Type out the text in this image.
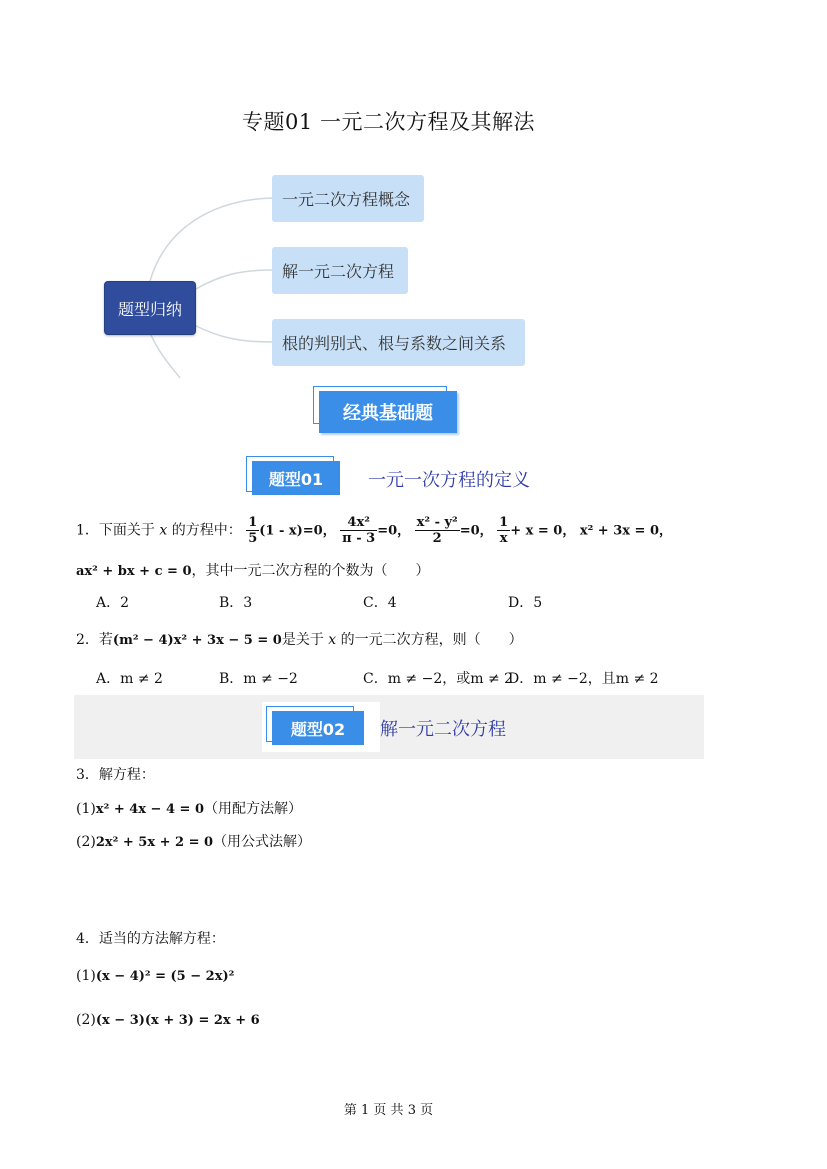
专题01 一元二次方程及其解法
题型归纳
一元二次方程概念
解一元二次方程
根的判别式、根与系数之间关系
经典基础题
题型01	一元一次方程的定义
1．下面关于 x 的方程中： $\frac{1}{5} (1 - x)=0$， $\frac{\text{4x²}}{\pi - 3} =0$， $\frac{\text{x² - y²}}{2} =0$， $\frac{1}{x} + x = 0$， x² + 3x = 0，
ax² + bx + c = 0，其中一元二次方程的个数为（　　）
A．2	B．3	C．4	D．5
2．若(m² − 4)x² + 3x − 5 = 0是关于 x 的一元二次方程，则（　　）
A．m ≠ 2	B．m ≠ −2	C．m ≠ −2，或m ≠ 2
D．m ≠ −2，且m ≠ 2
题型02	解一元二次方程
3．解方程：
(1)x² + 4x − 4 = 0（用配方法解）
(2)2x² + 5x + 2 = 0（用公式法解）
4．适当的方法解方程：
(1)(x − 4)² = (5 − 2x)²
(2)(x − 3)(x + 3) = 2x + 6
第 1 页 共 3 页
